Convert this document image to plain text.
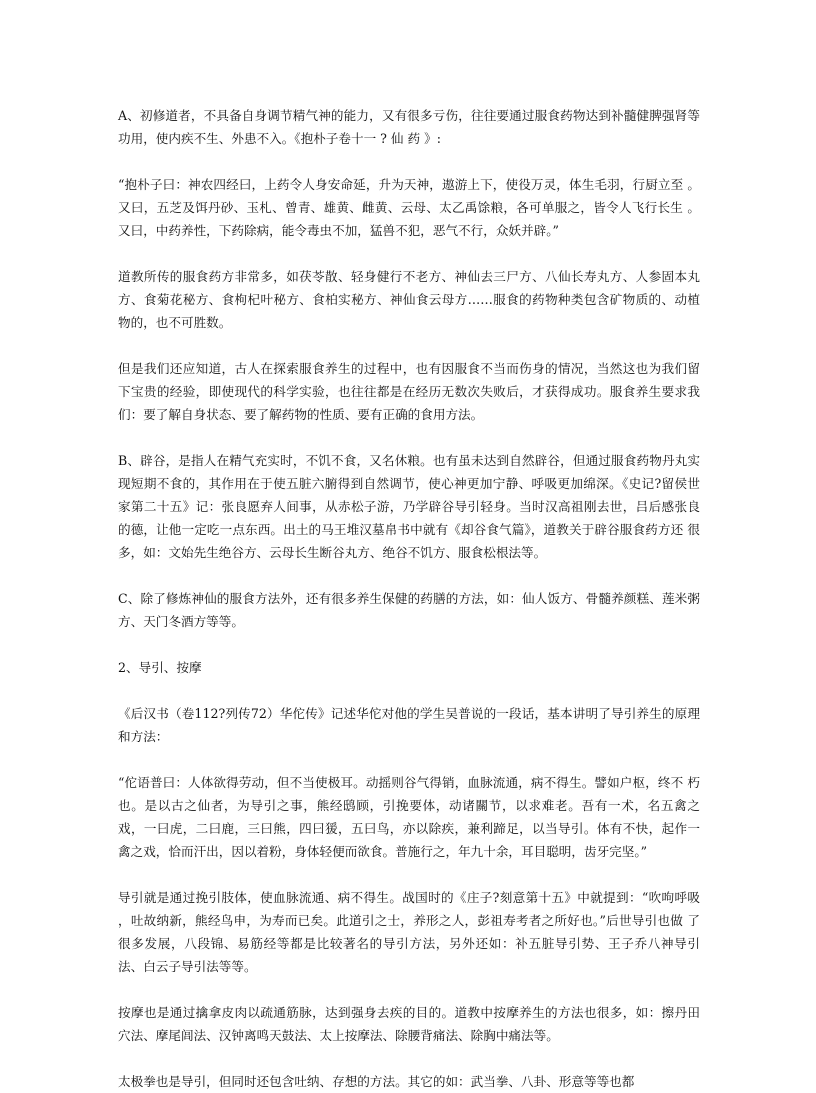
A、初修道者，不具备自身调节精气神的能力，又有很多亏伤，往往要通过服食药物达到补髓健脾强肾等 功用，使内疾不生、外患不入。《抱朴子卷十一 ? 仙 药 》:

“抱朴子曰：神农四经曰，上药令人身安命延，升为天神，遨游上下，使役万灵，体生毛羽，行厨立至 。又曰，五芝及饵丹砂、玉札、曾青、雄黄、雌黄、云母、太乙禹馀粮，各可单服之，皆令人飞行长生 。又曰，中药养性，下药除病，能令毒虫不加，猛兽不犯，恶气不行，众妖并辟。”

道教所传的服食药方非常多，如茯苓散、轻身健行不老方、神仙去三尸方、八仙长寿丸方、人参固本丸 方、食菊花秘方、食枸杞叶秘方、食柏实秘方、神仙食云母方……服食的药物种类包含矿物质的、动植 物的，也不可胜数。

但是我们还应知道，古人在探索服食养生的过程中，也有因服食不当而伤身的情况，当然这也为我们留 下宝贵的经验，即使现代的科学实验，也往往都是在经历无数次失败后，才获得成功。服食养生要求我 们：要了解自身状态、要了解药物的性质、要有正确的食用方法。

B、辟谷，是指人在精气充实时，不饥不食，又名休粮。也有虽未达到自然辟谷，但通过服食药物丹丸实 现短期不食的，其作用在于使五脏六腑得到自然调节，使心神更加宁静、呼吸更加绵深。《史记?留侯世 家第二十五》记：张良愿弃人间事，从赤松子游，乃学辟谷导引轻身。当时汉高祖刚去世，吕后感张良 的德，让他一定吃一点东西。出土的马王堆汉墓帛书中就有《却谷食气篇》，道教关于辟谷服食药方还 很多，如：文始先生绝谷方、云母长生断谷丸方、绝谷不饥方、服食松根法等。

C、除了修炼神仙的服食方法外，还有很多养生保健的药膳的方法，如：仙人饭方、骨髓养颜糕、莲米粥 方、天门冬酒方等等。

2、导引、按摩

《后汉书（卷112?列传72）华佗传》记述华佗对他的学生吴普说的一段话，基本讲明了导引养生的原理 和方法：

“佗语普曰：人体欲得劳动，但不当使极耳。动摇则谷气得销，血脉流通，病不得生。譬如户枢，终不 朽也。是以古之仙者，为导引之事，熊经鸱顾，引挽要体，动诸關节，以求难老。吾有一术，名五禽之 戏，一曰虎，二曰鹿，三曰熊，四曰猨，五曰鸟，亦以除疾，兼利蹄足，以当导引。体有不快，起作一 禽之戏，恰而汗出，因以着粉，身体轻便而欲食。普施行之，年九十余，耳目聪明，齿牙完坚。”

导引就是通过挽引肢体，使血脉流通、病不得生。战国时的《庄子?刻意第十五》中就提到：“吹呴呼吸 ，吐故纳新，熊经鸟申，为寿而已矣。此道引之士，养形之人，彭祖寿考者之所好也。”后世导引也做 了很多发展，八段锦、易筋经等都是比较著名的导引方法，另外还如：补五脏导引势、王子乔八神导引 法、白云子导引法等等。

按摩也是通过擒拿皮肉以疏通筋脉，达到强身去疾的目的。道教中按摩养生的方法也很多，如：擦丹田 穴法、摩尾闾法、汉钟离鸣天鼓法、太上按摩法、除腰背痛法、除胸中痛法等。

太极拳也是导引，但同时还包含吐纳、存想的方法。其它的如：武当拳、八卦、形意等等也都
